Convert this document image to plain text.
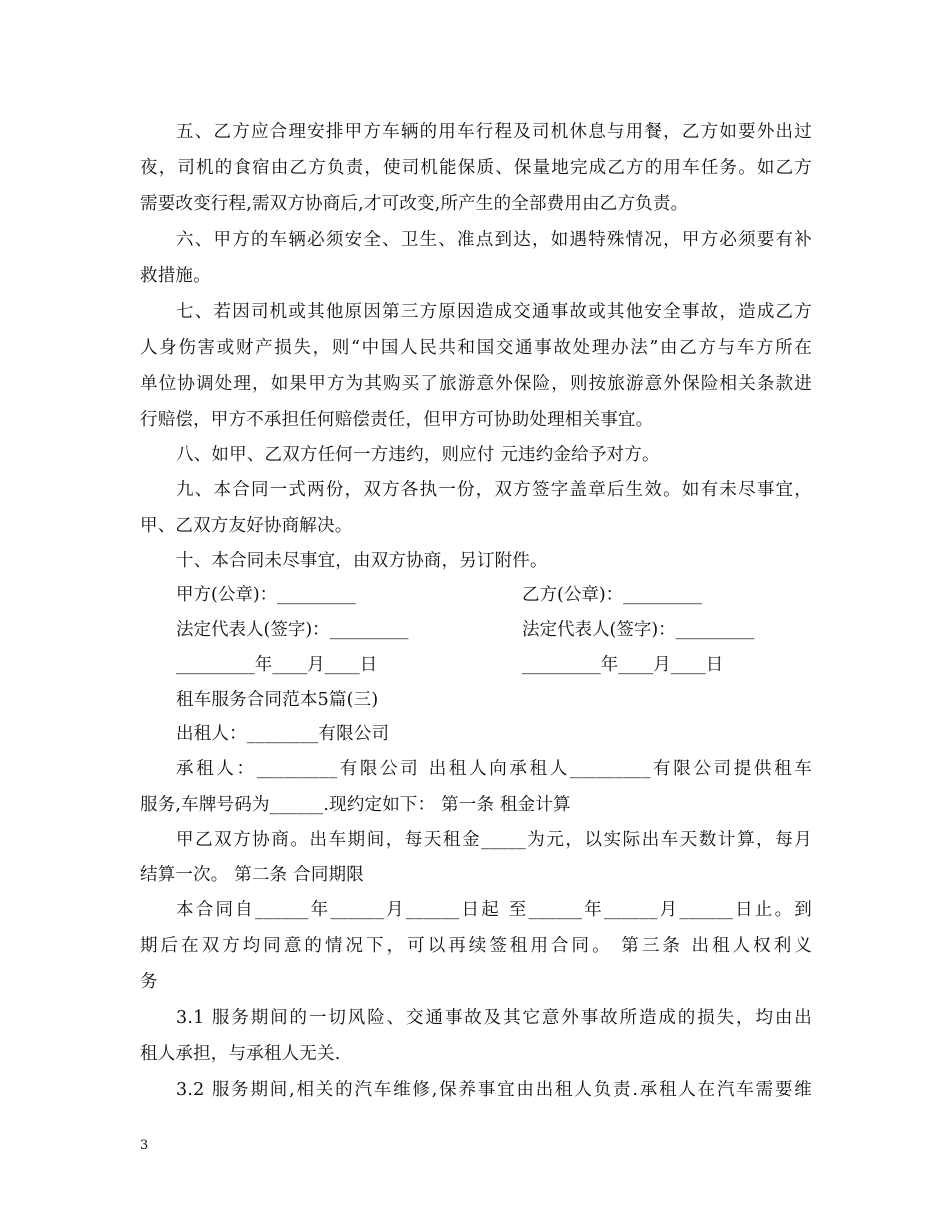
五、乙方应合理安排甲方车辆的用车行程及司机休息与用餐，乙方如要外出过
夜，司机的食宿由乙方负责，使司机能保质、保量地完成乙方的用车任务。如乙方
需要改变行程,需双方协商后,才可改变,所产生的全部费用由乙方负责。
六、甲方的车辆必须安全、卫生、准点到达，如遇特殊情况，甲方必须要有补
救措施。
七、若因司机或其他原因第三方原因造成交通事故或其他安全事故，造成乙方
人身伤害或财产损失，则“中国人民共和国交通事故处理办法”由乙方与车方所在
单位协调处理，如果甲方为其购买了旅游意外保险，则按旅游意外保险相关条款进
行赔偿，甲方不承担任何赔偿责任，但甲方可协助处理相关事宜。
八、如甲、乙双方任何一方违约，则应付 元违约金给予对方。
九、本合同一式两份，双方各执一份，双方签字盖章后生效。如有未尽事宜，
甲、乙双方友好协商解决。
十、本合同未尽事宜，由双方协商，另订附件。
甲方(公章)：_________	乙方(公章)：_________
法定代表人(签字)：_________	法定代表人(签字)：_________
_________年____月____日	_________年____月____日
租车服务合同范本5篇(三)
出租人：________有限公司
承租人：_________有限公司 出租人向承租人_________有限公司提供租车
服务,车牌号码为______.现约定如下： 第一条 租金计算
甲乙双方协商。出车期间，每天租金_____为元，以实际出车天数计算，每月
结算一次。 第二条 合同期限
本合同自______年______月______日起 至______年______月______日止。到
期后在双方均同意的情况下，可以再续签租用合同。 第三条 出租人权利义
务
3.1 服务期间的一切风险、交通事故及其它意外事故所造成的损失，均由出
租人承担，与承租人无关.
3.2 服务期间,相关的汽车维修,保养事宜由出租人负责.承租人在汽车需要维
3
